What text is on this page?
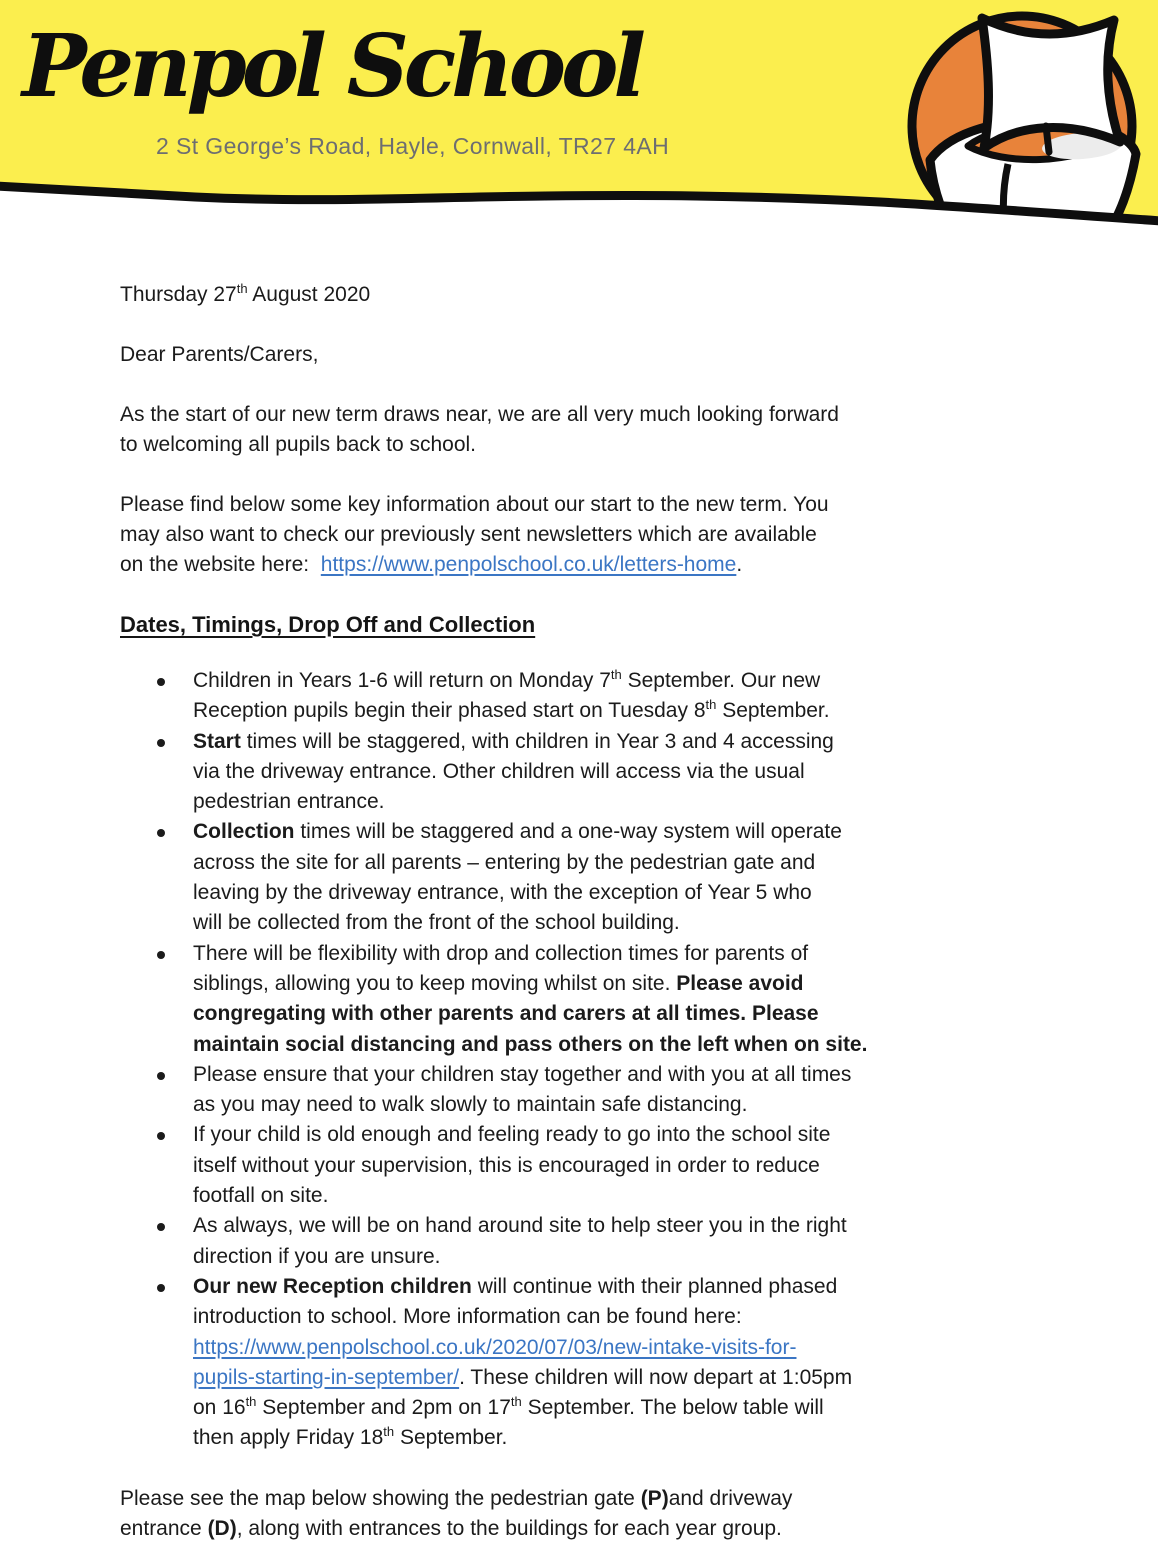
Penpol School
2 St George’s Road, Hayle, Cornwall, TR27 4AH

Thursday 27th August 2020

Dear Parents/Carers,

As the start of our new term draws near, we are all very much looking forward
to welcoming all pupils back to school.

Please find below some key information about our start to the new term. You
may also want to check our previously sent newsletters which are available
on the website here:  https://www.penpolschool.co.uk/letters-home.

Dates, Timings, Drop Off and Collection
Children in Years 1-6 will return on Monday 7th September. Our new
Reception pupils begin their phased start on Tuesday 8th September.
Start times will be staggered, with children in Year 3 and 4 accessing
via the driveway entrance. Other children will access via the usual
pedestrian entrance.
Collection times will be staggered and a one-way system will operate
across the site for all parents – entering by the pedestrian gate and
leaving by the driveway entrance, with the exception of Year 5 who
will be collected from the front of the school building.
There will be flexibility with drop and collection times for parents of
siblings, allowing you to keep moving whilst on site. Please avoid
congregating with other parents and carers at all times. Please
maintain social distancing and pass others on the left when on site.
Please ensure that your children stay together and with you at all times
as you may need to walk slowly to maintain safe distancing.
If your child is old enough and feeling ready to go into the school site
itself without your supervision, this is encouraged in order to reduce
footfall on site.
As always, we will be on hand around site to help steer you in the right
direction if you are unsure.
Our new Reception children will continue with their planned phased
introduction to school. More information can be found here:
https://www.penpolschool.co.uk/2020/07/03/new-intake-visits-for-
pupils-starting-in-september/. These children will now depart at 1:05pm
on 16th September and 2pm on 17th September. The below table will
then apply Friday 18th September.

Please see the map below showing the pedestrian gate (P)and driveway
entrance (D), along with entrances to the buildings for each year group.
